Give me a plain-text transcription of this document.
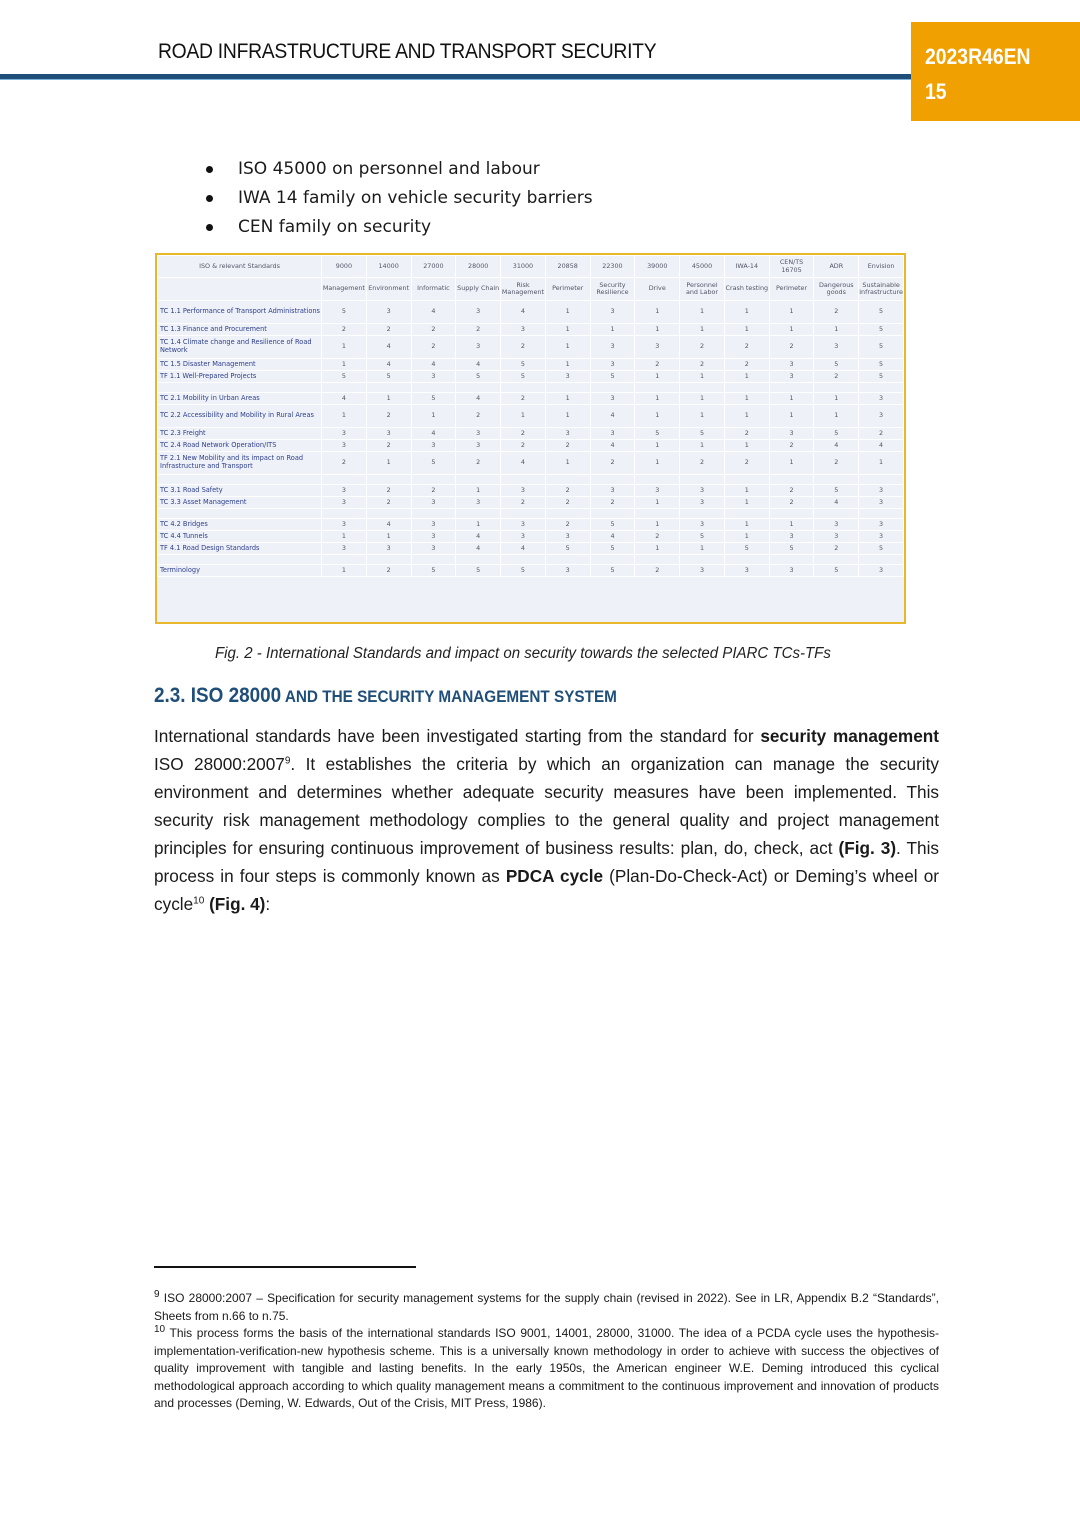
ROAD INFRASTRUCTURE AND TRANSPORT SECURITY	2023R46EN
15
ISO 45000 on personnel and labour
IWA 14 family on vehicle security barriers
CEN family on security
ISO & relevant Standards	9000	14000	27000	28000	31000	20858	22300	39000	45000	IWA-14	CEN/TS 16705	ADR	Envision
	Management	Environment	Informatic	Supply Chain	Risk Management	Perimeter	Security Resilience	Drive	Personnel and Labor	Crash testing	Perimeter	Dangerous goods	Sustainable infrastructure
TC 1.1 Performance of Transport Administrations	5	3	4	3	4	1	3	1	1	1	1	2	5
TC 1.3 Finance and Procurement	2	2	2	2	3	1	1	1	1	1	1	1	5
TC 1.4 Climate change and Resilience of Road Network	1	4	2	3	2	1	3	3	2	2	2	3	5
TC 1.5 Disaster Management	1	4	4	4	5	1	3	2	2	2	3	5	5
TF 1.1 Well-Prepared Projects	5	5	3	5	5	3	5	1	1	1	3	2	5

TC 2.1 Mobility in Urban Areas	4	1	5	4	2	1	3	1	1	1	1	1	3
TC 2.2 Accessibility and Mobility in Rural Areas	1	2	1	2	1	1	4	1	1	1	1	1	3
TC 2.3 Freight	3	3	4	3	2	3	3	5	5	2	3	5	2
TC 2.4 Road Network Operation/ITS	3	2	3	3	2	2	4	1	1	1	2	4	4
TF 2.1 New Mobility and its impact on Road Infrastructure and Transport	2	1	5	2	4	1	2	1	2	2	1	2	1

TC 3.1 Road Safety	3	2	2	1	3	2	3	3	3	1	2	5	3
TC 3.3 Asset Management	3	2	3	3	2	2	2	1	3	1	2	4	3

TC 4.2 Bridges	3	4	3	1	3	2	5	1	3	1	1	3	3
TC 4.4 Tunnels	1	1	3	4	3	3	4	2	5	1	3	3	3
TF 4.1 Road Design Standards	3	3	3	4	4	5	5	1	1	5	5	2	5

Terminology	1	2	5	5	5	3	5	2	3	3	3	5	3
Fig. 2 - International Standards and impact on security towards the selected PIARC TCs-TFs
2.3. ISO 28000 AND THE SECURITY MANAGEMENT SYSTEM
International standards have been investigated starting from the standard for security management ISO 28000:2007$^9$. It establishes the criteria by which an organization can manage the security environment and determines whether adequate security measures have been implemented. This security risk management methodology complies to the general quality and project management principles for ensuring continuous improvement of business results: plan, do, check, act (Fig. 3). This process in four steps is commonly known as PDCA cycle (Plan-Do-Check-Act) or Deming’s wheel or cycle$^{10}$ (Fig. 4):

$^9$ ISO 28000:2007 – Specification for security management systems for the supply chain (revised in 2022). See in LR, Appendix B.2 “Standards”, Sheets from n.66 to n.75.

$^{10}$ This process forms the basis of the international standards ISO 9001, 14001, 28000, 31000. The idea of a PCDA cycle uses the hypothesis-implementation-verification-new hypothesis scheme. This is a universally known methodology in order to achieve with success the objectives of quality improvement with tangible and lasting benefits. In the early 1950s, the American engineer W.E. Deming introduced this cyclical methodological approach according to which quality management means a commitment to the continuous improvement and innovation of products and processes (Deming, W. Edwards, Out of the Crisis, MIT Press, 1986).
